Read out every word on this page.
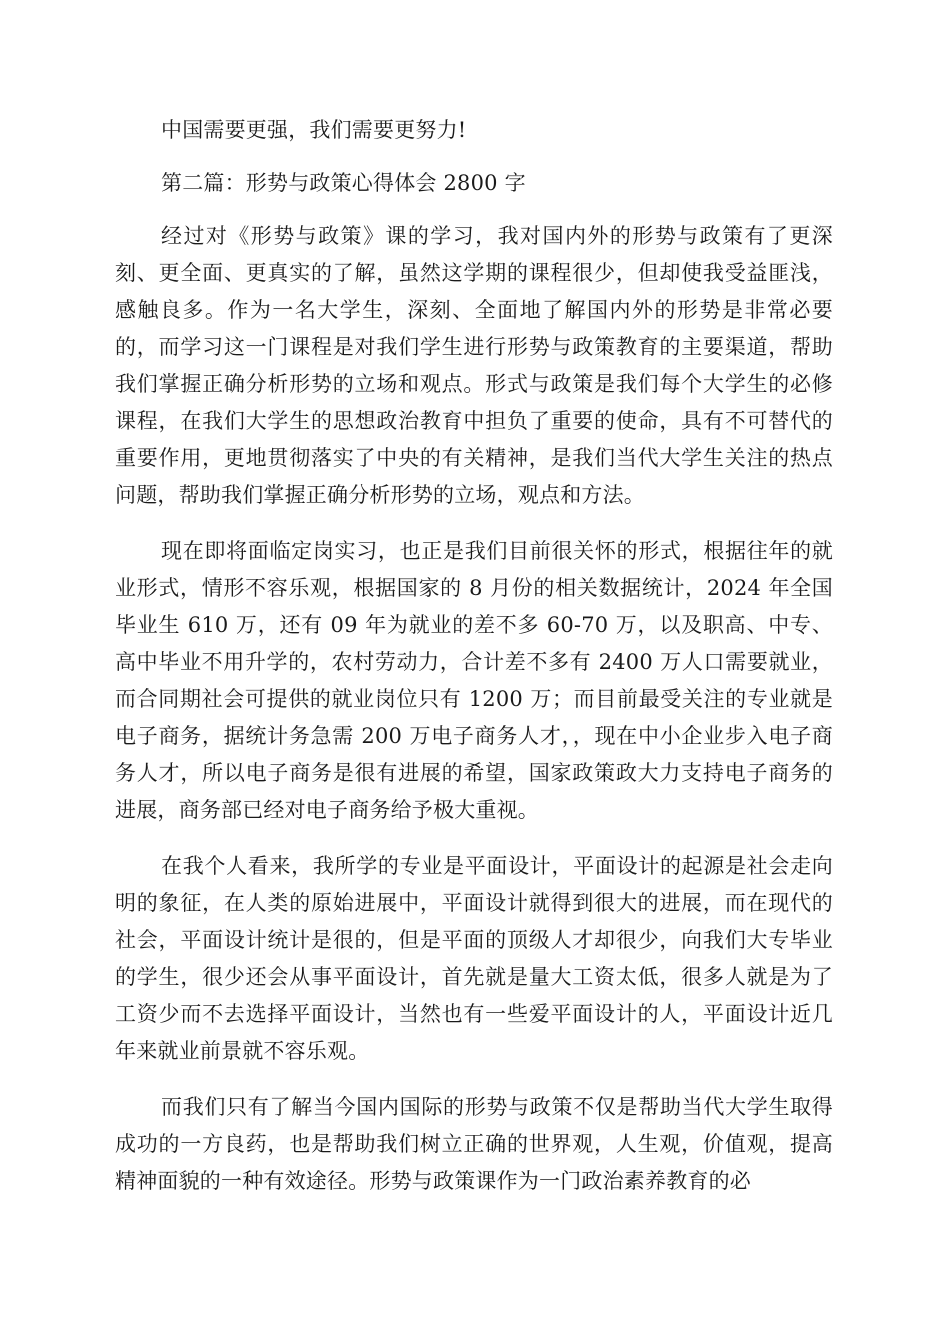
中国需要更强，我们需要更努力!

第二篇：形势与政策心得体会 2800 字

经过对《形势与政策》课的学习，我对国内外的形势与政策有了更深刻、更全面、更真实的了解，虽然这学期的课程很少，但却使我受益匪浅，感触良多。作为一名大学生，深刻、全面地了解国内外的形势是非常必要的，而学习这一门课程是对我们学生进行形势与政策教育的主要渠道，帮助我们掌握正确分析形势的立场和观点。形式与政策是我们每个大学生的必修课程，在我们大学生的思想政治教育中担负了重要的使命，具有不可替代的重要作用，更地贯彻落实了中央的有关精神，是我们当代大学生关注的热点问题，帮助我们掌握正确分析形势的立场，观点和方法。

现在即将面临定岗实习，也正是我们目前很关怀的形式，根据往年的就业形式，情形不容乐观，根据国家的 8 月份的相关数据统计，2024 年全国毕业生 610 万，还有 09 年为就业的差不多 60-70 万，以及职高、中专、高中毕业不用升学的，农村劳动力，合计差不多有 2400 万人口需要就业，而合同期社会可提供的就业岗位只有 1200 万；而目前最受关注的专业就是电子商务，据统计务急需 200 万电子商务人才，，现在中小企业步入电子商务人才，所以电子商务是很有进展的希望，国家政策政大力支持电子商务的进展，商务部已经对电子商务给予极大重视。

在我个人看来，我所学的专业是平面设计，平面设计的起源是社会走向明的象征，在人类的原始进展中，平面设计就得到很大的进展，而在现代的社会，平面设计统计是很的，但是平面的顶级人才却很少，向我们大专毕业的学生，很少还会从事平面设计，首先就是量大工资太低，很多人就是为了工资少而不去选择平面设计，当然也有一些爱平面设计的人，平面设计近几年来就业前景就不容乐观。

而我们只有了解当今国内国际的形势与政策不仅是帮助当代大学生取得成功的一方良药，也是帮助我们树立正确的世界观，人生观，价值观，提高精神面貌的一种有效途径。形势与政策课作为一门政治素养教育的必
